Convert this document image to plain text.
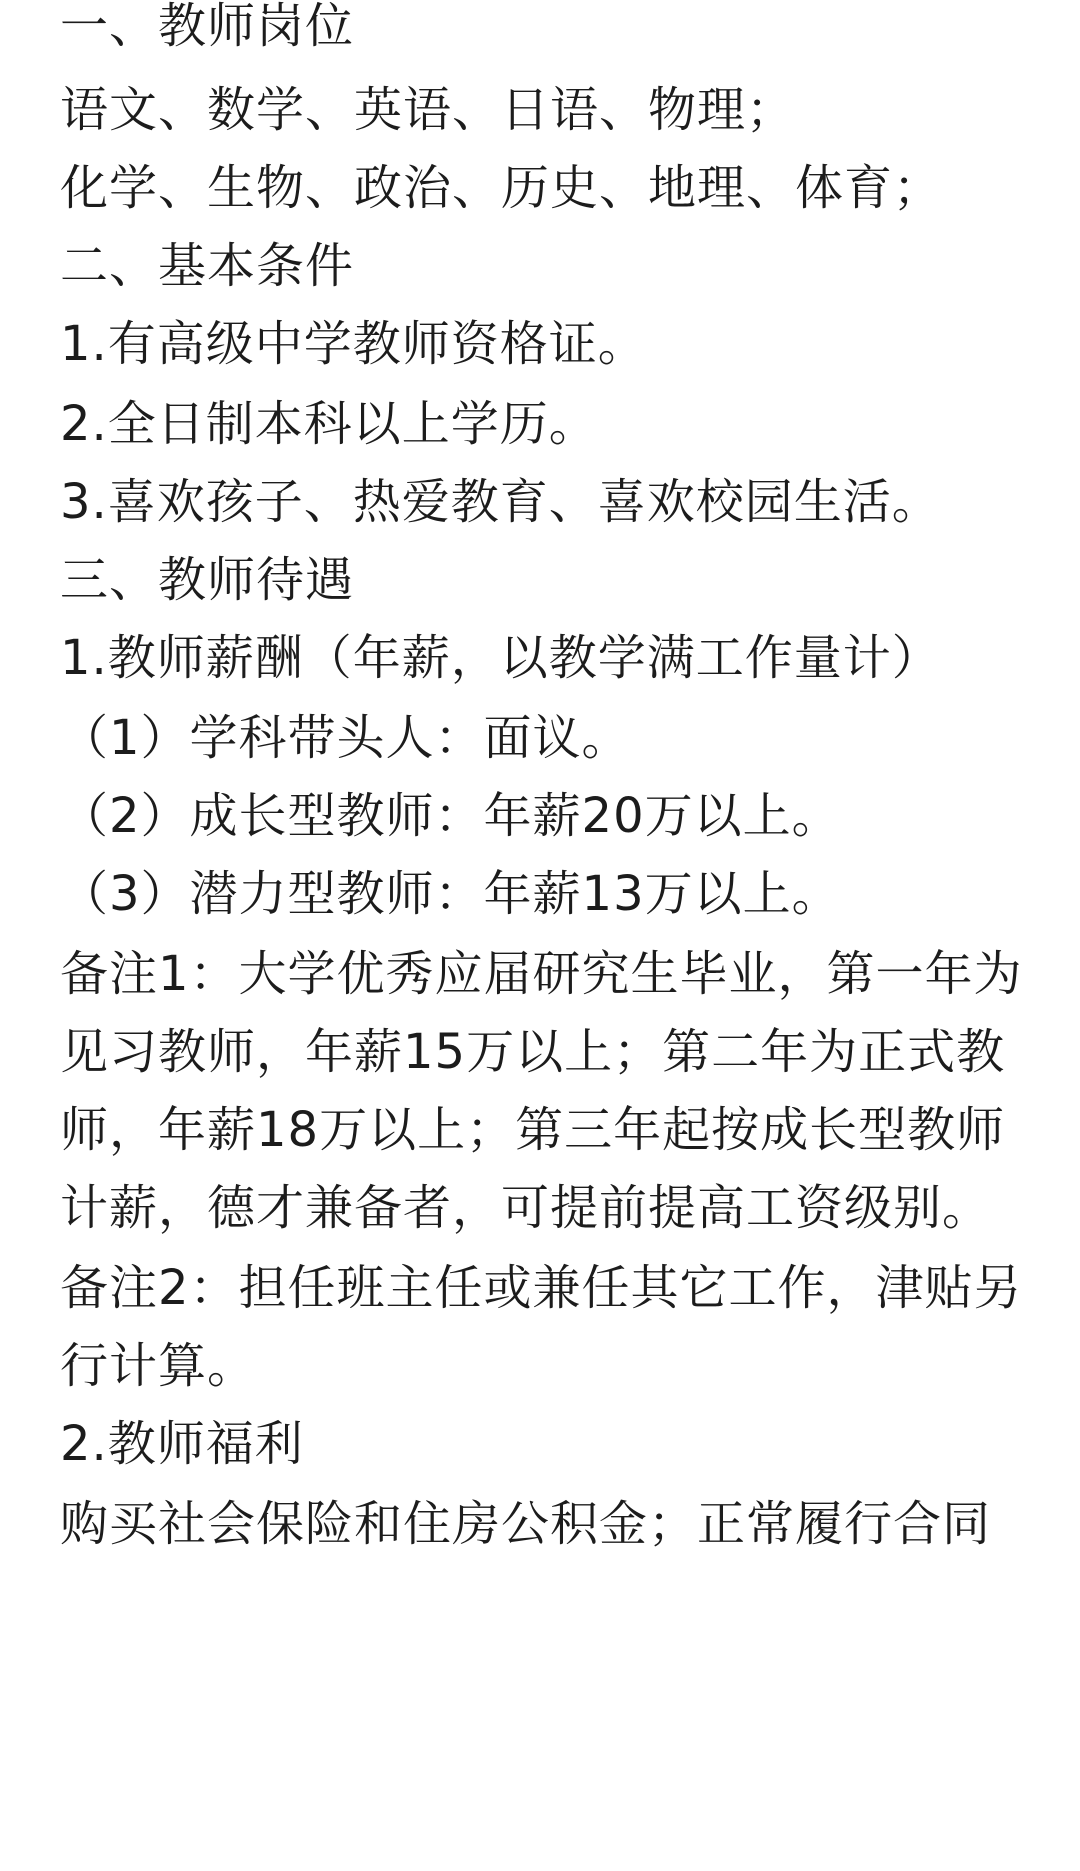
一、教师岗位
语文、数学、英语、日语、物理；
化学、生物、政治、历史、地理、体育；
二、基本条件
1.有高级中学教师资格证。
2.全日制本科以上学历。
3.喜欢孩子、热爱教育、喜欢校园生活。
三、教师待遇
1.教师薪酬（年薪，以教学满工作量计）
（1）学科带头人：面议。
（2）成长型教师：年薪20万以上。
（3）潜力型教师：年薪13万以上。
备注1：大学优秀应届研究生毕业，第一年为
见习教师，年薪15万以上；第二年为正式教
师，年薪18万以上；第三年起按成长型教师
计薪，德才兼备者，可提前提高工资级别。
备注2：担任班主任或兼任其它工作，津贴另
行计算。
2.教师福利
购买社会保险和住房公积金；正常履行合同
